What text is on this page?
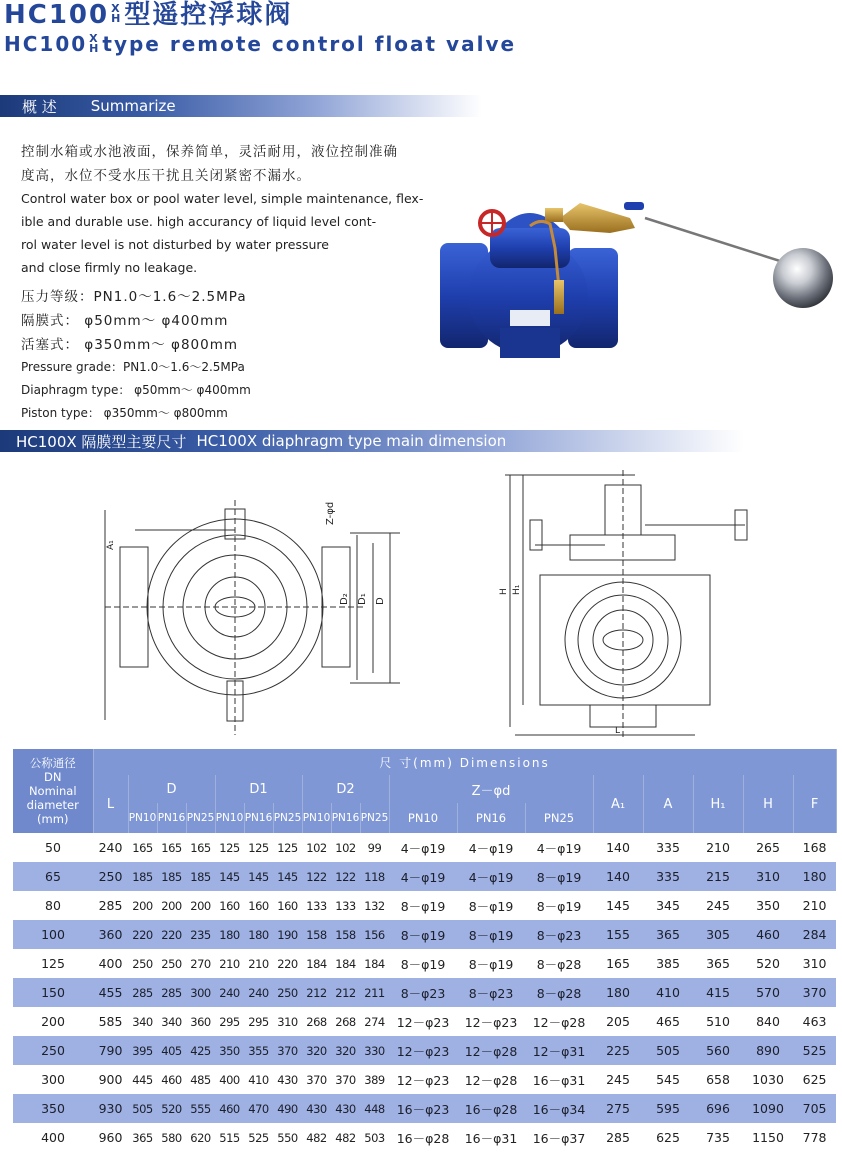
HC100 X
H 型遥控浮球阀
HC100 X
H type remote control float valve
概 述 Summarize
控制水箱或水池液面，保养简单，灵活耐用，液位控制准确
度高，水位不受水压干扰且关闭紧密不漏水。
Control water box or pool water level, simple maintenance, flex-
ible and durable use. high accurancy of liquid level cont-
rol water level is not disturbed by water pressure
and close firmly no leakage.
压力等级：PN1.0～1.6～2.5MPa
隔膜式： φ50mm～ φ400mm
活塞式： φ350mm～ φ800mm
Pressure grade：PN1.0～1.6～2.5MPa
Diaphragm type： φ50mm～ φ400mm
Piston type： φ350mm～ φ800mm
HC100X 隔膜型主要尺寸 HC100X diaphragm type main dimension
Z-φd
D₂ D₁ D
A₁
H₁
H
L
公称通径
DN
Nominal
diameter
(mm)	尺 寸(mm) Dimensions																	
	L	D			D1			D2			Z－φd			A₁	A	H₁	H	F
		PN10	PN16	PN25	PN10	PN16	PN25	PN10	PN16	PN25	PN10	PN16	PN25					
50	240	165	165	165	125	125	125	102	102	99	4－φ19	4－φ19	4－φ19	140	335	210	265	168
65	250	185	185	185	145	145	145	122	122	118	4－φ19	4－φ19	8－φ19	140	335	215	310	180
80	285	200	200	200	160	160	160	133	133	132	8－φ19	8－φ19	8－φ19	145	345	245	350	210
100	360	220	220	235	180	180	190	158	158	156	8－φ19	8－φ19	8－φ23	155	365	305	460	284
125	400	250	250	270	210	210	220	184	184	184	8－φ19	8－φ19	8－φ28	165	385	365	520	310
150	455	285	285	300	240	240	250	212	212	211	8－φ23	8－φ23	8－φ28	180	410	415	570	370
200	585	340	340	360	295	295	310	268	268	274	12－φ23	12－φ23	12－φ28	205	465	510	840	463
250	790	395	405	425	350	355	370	320	320	330	12－φ23	12－φ28	12－φ31	225	505	560	890	525
300	900	445	460	485	400	410	430	370	370	389	12－φ23	12－φ28	16－φ31	245	545	658	1030	625
350	930	505	520	555	460	470	490	430	430	448	16－φ23	16－φ28	16－φ34	275	595	696	1090	705
400	960	365	580	620	515	525	550	482	482	503	16－φ28	16－φ31	16－φ37	285	625	735	1150	778
